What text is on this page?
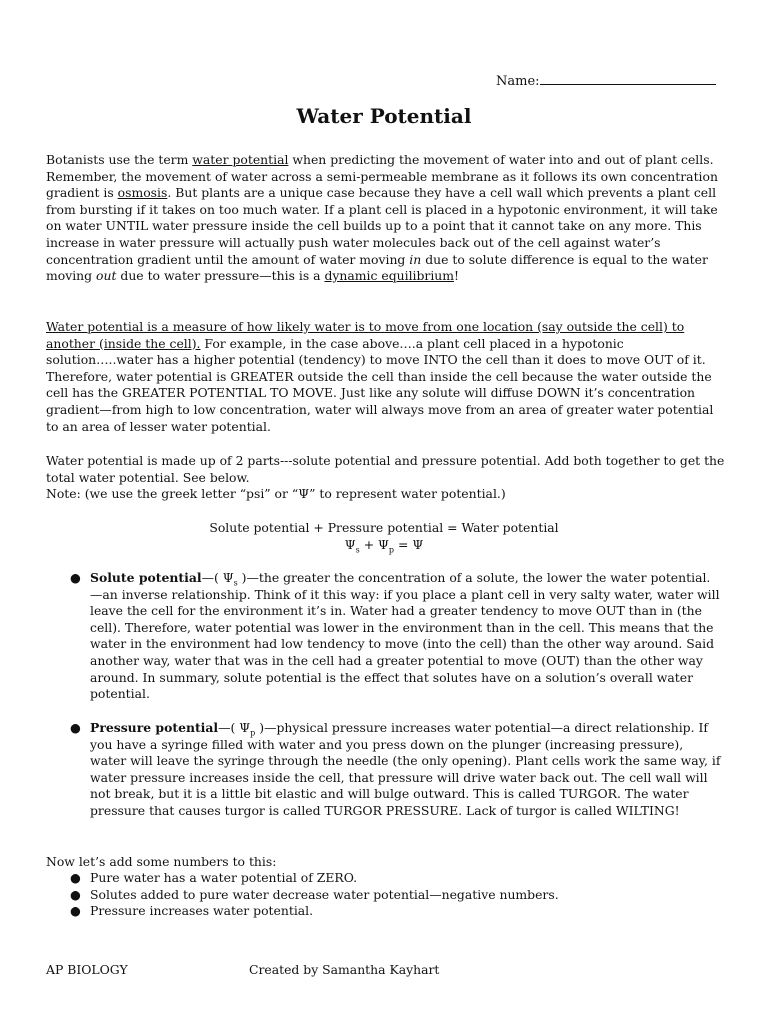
Name:
Water Potential

Botanists use the term water potential when predicting the movement of water into and out of plant cells. Remember, the movement of water across a semi-permeable membrane as it follows its own concentration gradient is osmosis. But plants are a unique case because they have a cell wall which prevents a plant cell from bursting if it takes on too much water. If a plant cell is placed in a hypotonic environment, it will take on water UNTIL water pressure inside the cell builds up to a point that it cannot take on any more. This increase in water pressure will actually push water molecules back out of the cell against water’s concentration gradient until the amount of water moving in due to solute difference is equal to the water moving out due to water pressure—this is a dynamic equilibrium!

Water potential is a measure of how likely water is to move from one location (say outside the cell) to another (inside the cell). For example, in the case above….a plant cell placed in a hypotonic solution…..water has a higher potential (tendency) to move INTO the cell than it does to move OUT of it. Therefore, water potential is GREATER outside the cell than inside the cell because the water outside the cell has the GREATER POTENTIAL TO MOVE. Just like any solute will diffuse DOWN it’s concentration gradient—from high to low concentration, water will always move from an area of greater water potential to an area of lesser water potential.

Water potential is made up of 2 parts---solute potential and pressure potential. Add both together to get the total water potential. See below.
Note: (we use the greek letter “psi” or “Ψ” to represent water potential.)

Solute potential + Pressure potential = Water potential
$\Psi_s + \Psi_p = \Psi$
● Solute potential—( $\Psi_s$ )—the greater the concentration of a solute, the lower the water potential.—an inverse relationship. Think of it this way: if you place a plant cell in very salty water, water will leave the cell for the environment it’s in. Water had a greater tendency to move OUT than in (the cell). Therefore, water potential was lower in the environment than in the cell. This means that the water in the environment had low tendency to move (into the cell) than the other way around. Said another way, water that was in the cell had a greater potential to move (OUT) than the other way around. In summary, solute potential is the effect that solutes have on a solution’s overall water potential.
● Pressure potential—( $\Psi_p$ )—physical pressure increases water potential—a direct relationship. If you have a syringe filled with water and you press down on the plunger (increasing pressure), water will leave the syringe through the needle (the only opening). Plant cells work the same way, if water pressure increases inside the cell, that pressure will drive water back out. The cell wall will not break, but it is a little bit elastic and will bulge outward. This is called TURGOR. The water pressure that causes turgor is called TURGOR PRESSURE. Lack of turgor is called WILTING!

Now let’s add some numbers to this:

● Pure water has a water potential of ZERO.
● Solutes added to pure water decrease water potential—negative numbers.
● Pressure increases water potential.
AP BIOLOGY	Created by Samantha Kayhart
